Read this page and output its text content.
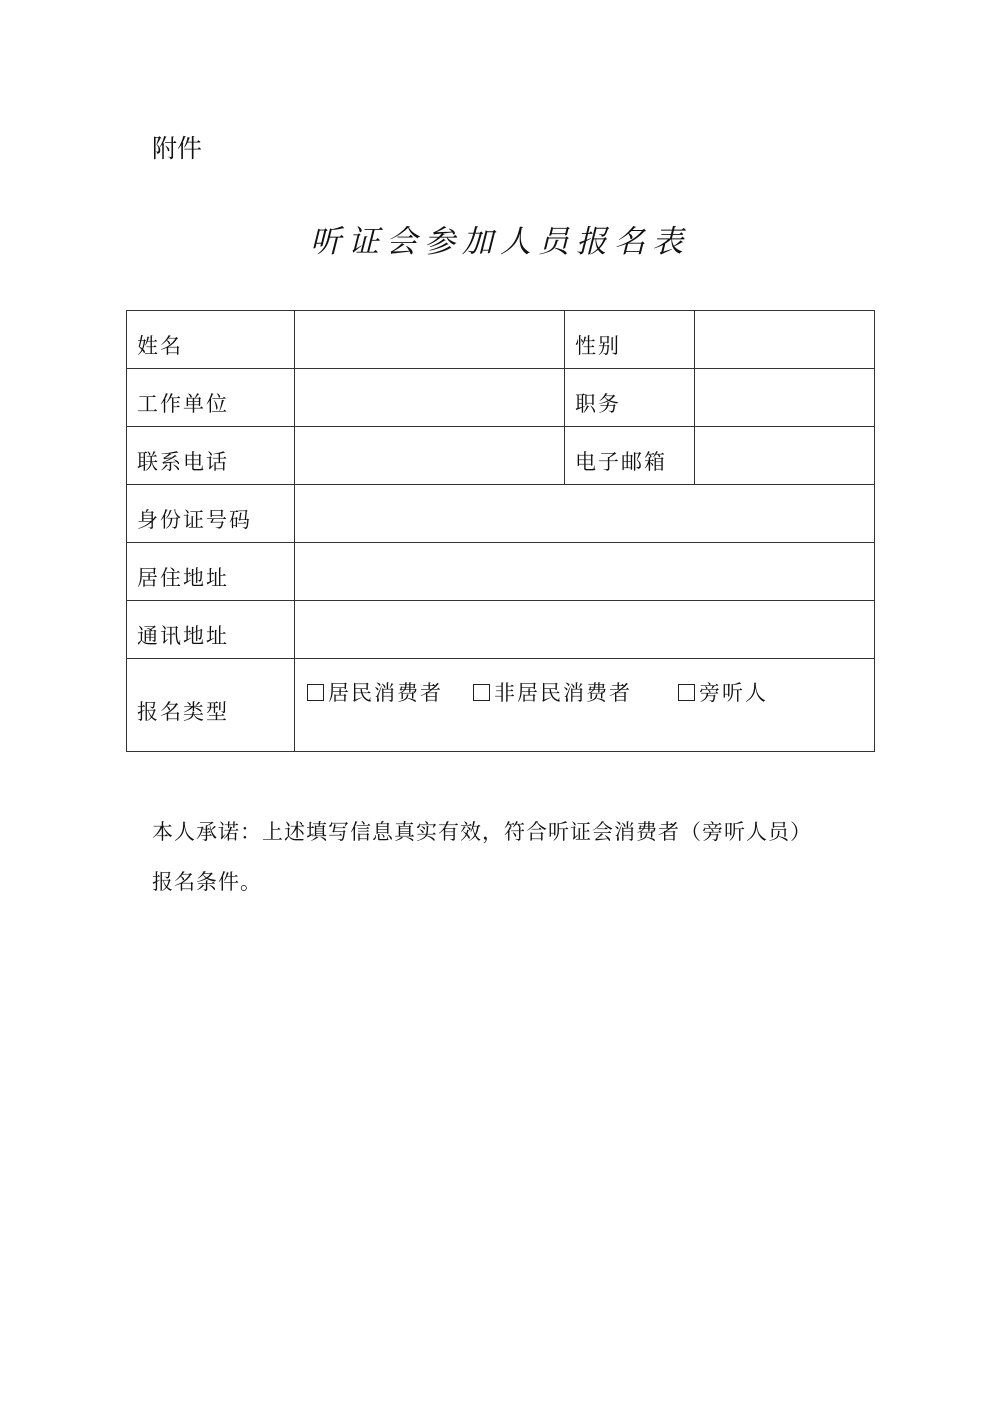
附件
听证会参加人员报名表
姓名		性别	
工作单位		职务	
联系电话		电子邮箱	
身份证号码			
居住地址			
通讯地址			
报名类型	居民消费者 非居民消费者 旁听人		
本人承诺：上述填写信息真实有效，符合听证会消费者（旁听人员）
报名条件。
